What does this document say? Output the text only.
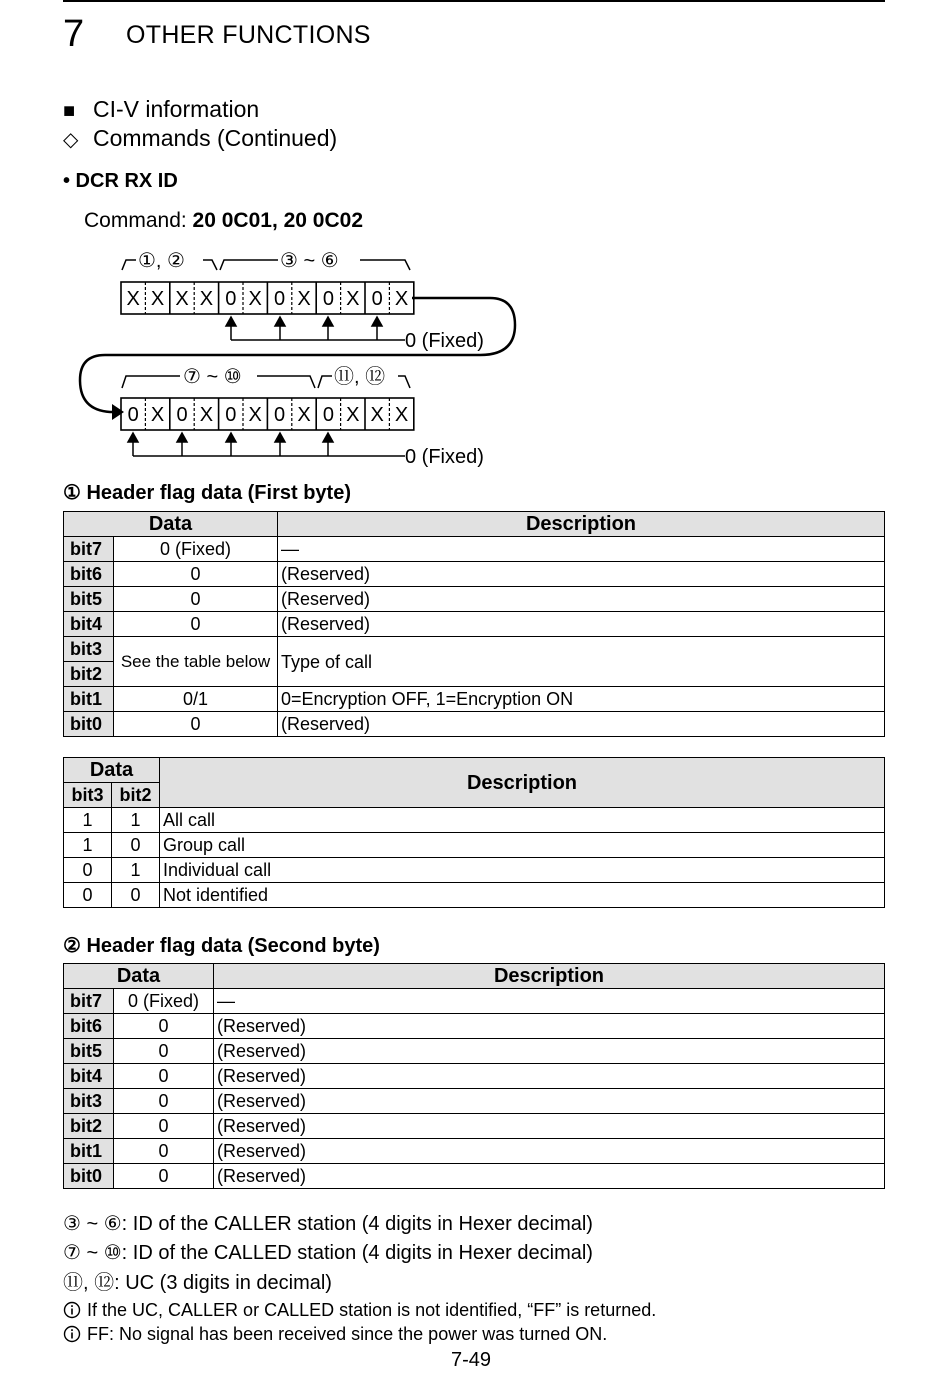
7 OTHER FUNCTIONS
■ CI-V information
◇ Commands (Continued)
• DCR RX ID
Command: 20 0C01, 20 0C02
X X X X 0 X 0 X 0 X 0 X
0 X 0 X 0 X 0 X 0 X X X
①, ②	③ ~ ⑥
0 (Fixed)
⑦ ~ ⑩	⑪, ⑫
0 (Fixed)
① Header flag data (First byte)
Data		Description
bit7	0 (Fixed)	—
bit6	0	(Reserved)
bit5	0	(Reserved)
bit4	0	(Reserved)
bit3	See the table below	Type of call
bit2		
bit1	0/1	0=Encryption OFF, 1=Encryption ON
bit0	0	(Reserved)
Data		Description
bit3	bit2	
1	1	All call
1	0	Group call
0	1	Individual call
0	0	Not identified
② Header flag data (Second byte)
Data		Description
bit7	0 (Fixed)	—
bit6	0	(Reserved)
bit5	0	(Reserved)
bit4	0	(Reserved)
bit3	0	(Reserved)
bit2	0	(Reserved)
bit1	0	(Reserved)
bit0	0	(Reserved)
③ ~ ⑥: ID of the CALLER station (4 digits in Hexer decimal)
⑦ ~ ⑩: ID of the CALLED station (4 digits in Hexer decimal)
⑪, ⑫: UC (3 digits in decimal)
If the UC, CALLER or CALLED station is not identified, “FF” is returned.
FF: No signal has been received since the power was turned ON.
7-49
